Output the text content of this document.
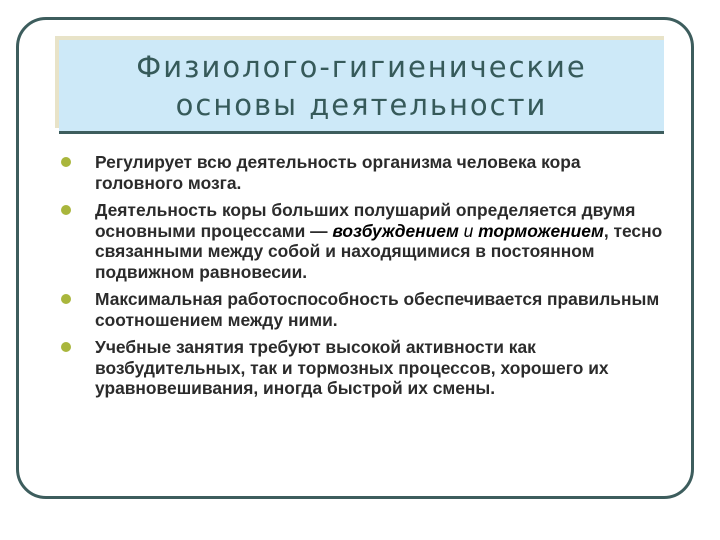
Физиолого-гигиенические
основы деятельности
Регулирует всю деятельность организма человека кора головного мозга.
Деятельность коры больших полушарий определяется двумя основными процессами — возбуждением и торможением, тесно связанными между собой и находящимися в постоянном подвижном равновесии.
Максимальная работоспособность обеспечивается правильным соотношением между ними.
Учебные занятия требуют высокой активности как возбудительных, так и тормозных процессов, хорошего их уравновешивания, иногда быстрой их смены.
